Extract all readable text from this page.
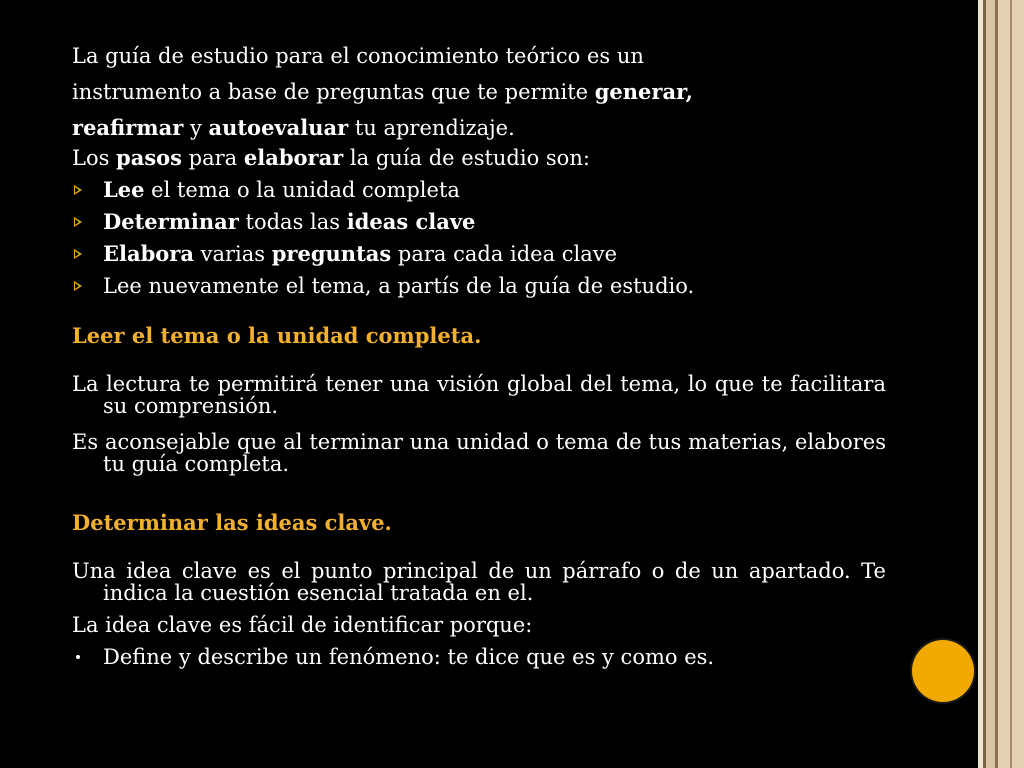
La guía de estudio para el conocimiento teórico es un

instrumento a base de preguntas que te permite generar,

reafirmar y autoevaluar tu aprendizaje.

Los pasos para elaborar la guía de estudio son:

Lee el tema o la unidad completa
Determinar todas las ideas clave
Elabora varias preguntas para cada idea clave
Lee nuevamente el tema, a partís de la guía de estudio.

Leer el tema o la unidad completa.

La lectura te permitirá tener una visión global del tema, lo que te facilitara su comprensión.

Es aconsejable que al terminar una unidad o tema de tus materias, elabores tu guía completa.

Determinar las ideas clave.

Una idea clave es el punto principal de un párrafo o de un apartado. Te indica la cuestión esencial tratada en el.

La idea clave es fácil de identificar porque:

Define y describe un fenómeno: te dice que es y como es.
